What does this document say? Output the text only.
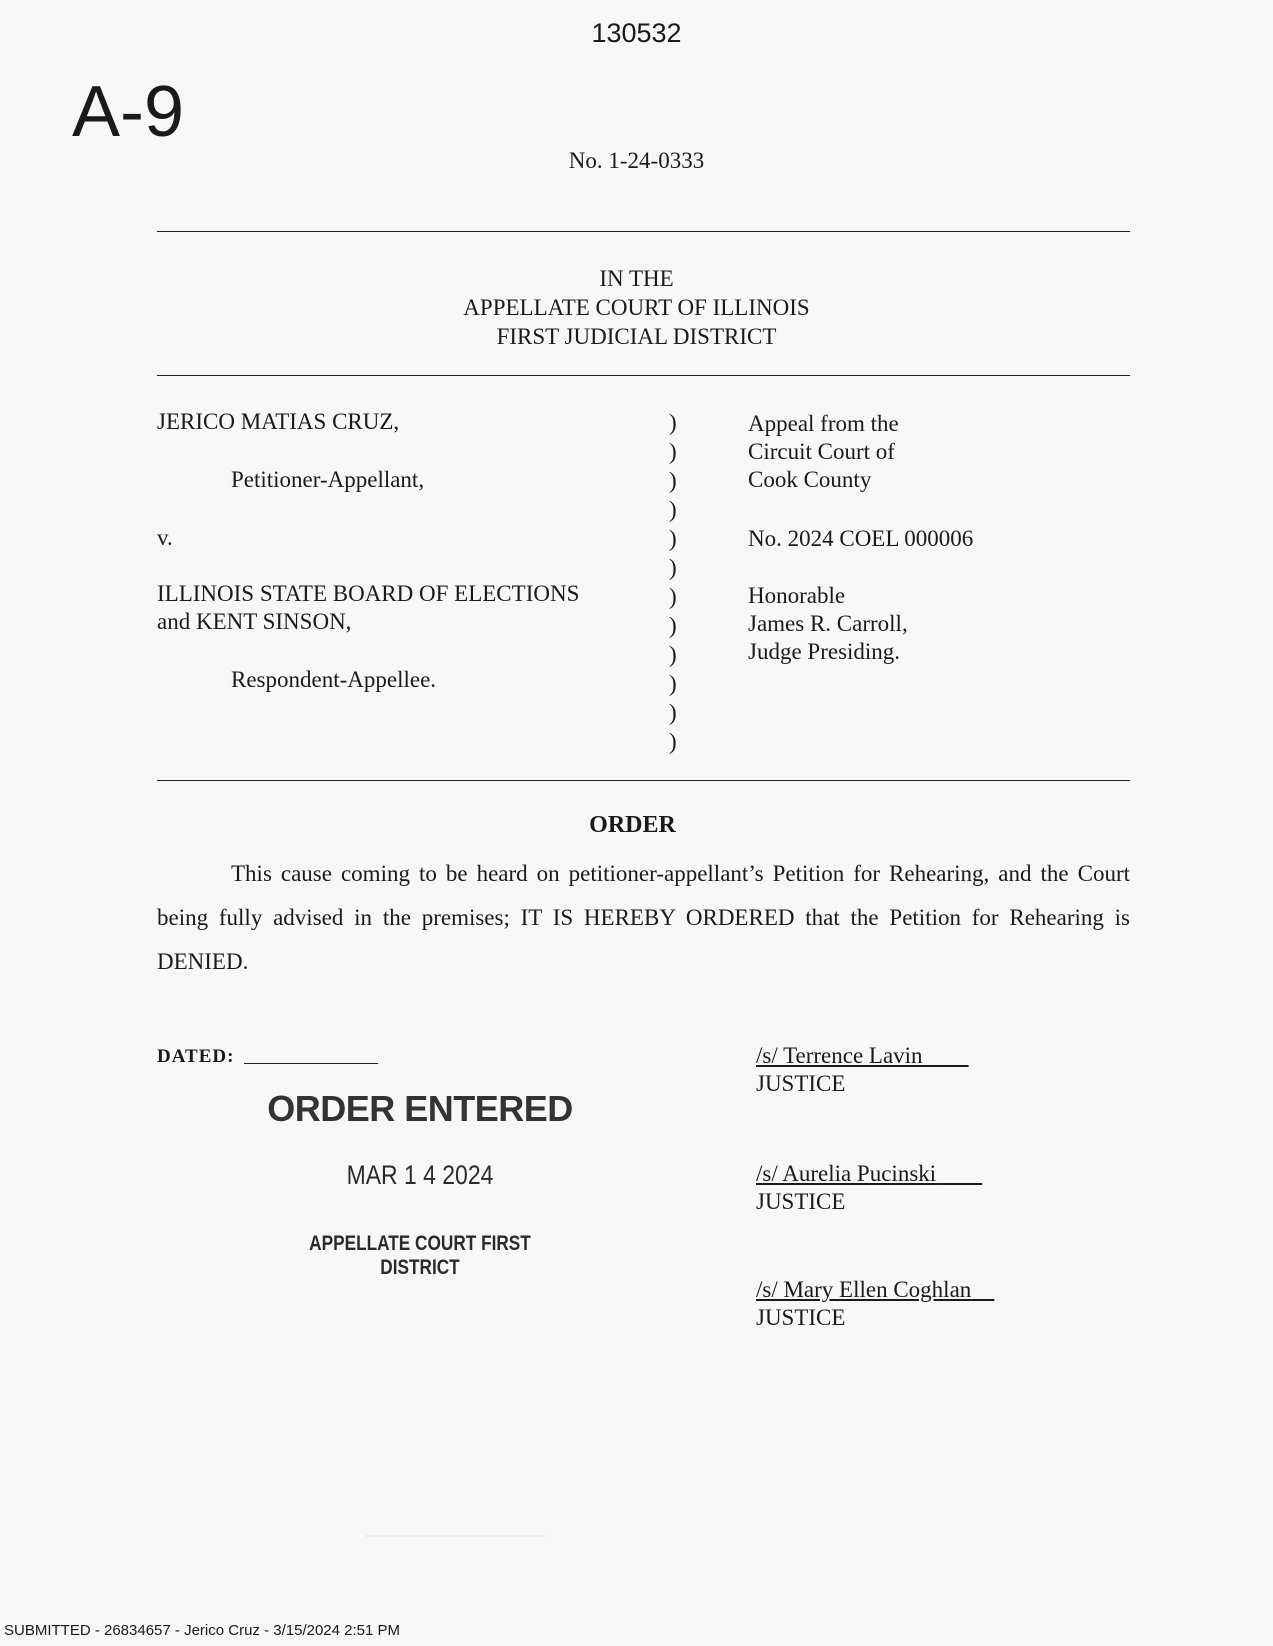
130532
A-9
No. 1-24-0333
IN THE
APPELLATE COURT OF ILLINOIS
FIRST JUDICIAL DISTRICT
JERICO MATIAS CRUZ,
Petitioner-Appellant,
v.
ILLINOIS STATE BOARD OF ELECTIONS
and KENT SINSON,
Respondent-Appellee.
)
)
)
)
)
)
)
)
)
)
)
)
Appeal from the
Circuit Court of
Cook County
No. 2024 COEL 000006
Honorable
James R. Carroll,
Judge Presiding.
ORDER
This cause coming to be heard on petitioner-appellant’s Petition for Rehearing, and the Court being fully advised in the premises; IT IS HEREBY ORDERED that the Petition for Rehearing is DENIED.
DATED:
ORDER ENTERED
MAR 1 4 2024
APPELLATE COURT FIRST DISTRICT
/s/ Terrence Lavin
JUSTICE
/s/ Aurelia Pucinski
JUSTICE
/s/ Mary Ellen Coghlan
JUSTICE
SUBMITTED - 26834657 - Jerico Cruz - 3/15/2024 2:51 PM
